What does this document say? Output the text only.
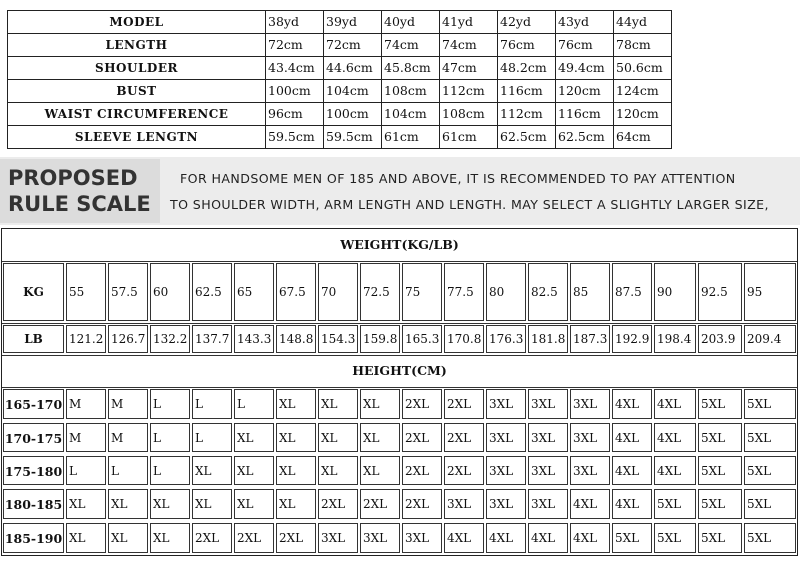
MODEL	38yd	39yd	40yd	41yd	42yd	43yd	44yd
LENGTH	72cm	72cm	74cm	74cm	76cm	76cm	78cm
SHOULDER	43.4cm	44.6cm	45.8cm	47cm	48.2cm	49.4cm	50.6cm
BUST	100cm	104cm	108cm	112cm	116cm	120cm	124cm
WAIST CIRCUMFERENCE	96cm	100cm	104cm	108cm	112cm	116cm	120cm
SLEEVE LENGTN	59.5cm	59.5cm	61cm	61cm	62.5cm	62.5cm	64cm
PROPOSED
RULE SCALE
FOR HANDSOME MEN OF 185 AND ABOVE, IT IS RECOMMENDED TO PAY ATTENTION
TO SHOULDER WIDTH, ARM LENGTH AND LENGTH. MAY SELECT A SLIGHTLY LARGER SIZE,
WEIGHT(KG/LB)
KG	55 57.5 60 62.5 65 67.5 70 72.5 75 77.5 80 82.5 85 87.5 90 92.5 95
LB	121.2 126.7 132.2 137.7 143.3 148.8 154.3 159.8 165.3 170.8 176.3 181.8 187.3 192.9 198.4 203.9 209.4
HEIGHT(CM)
165-170 M M L	L	L	XL XL XL 2XL 2XL 3XL 3XL 3XL 4XL 4XL 5XL 5XL
170-175 M M L	L	XL XL XL XL 2XL 2XL 3XL 3XL 3XL 4XL 4XL 5XL 5XL
175-180 L	L	L	XL XL XL XL XL 2XL 2XL 3XL 3XL 3XL 4XL 4XL 5XL 5XL
180-185 XL XL XL XL XL XL 2XL 2XL 2XL 3XL 3XL 3XL 4XL 4XL 5XL 5XL 5XL
185-190 XL XL XL 2XL 2XL 2XL 3XL 3XL 3XL 4XL 4XL 4XL 4XL 5XL 5XL 5XL 5XL
